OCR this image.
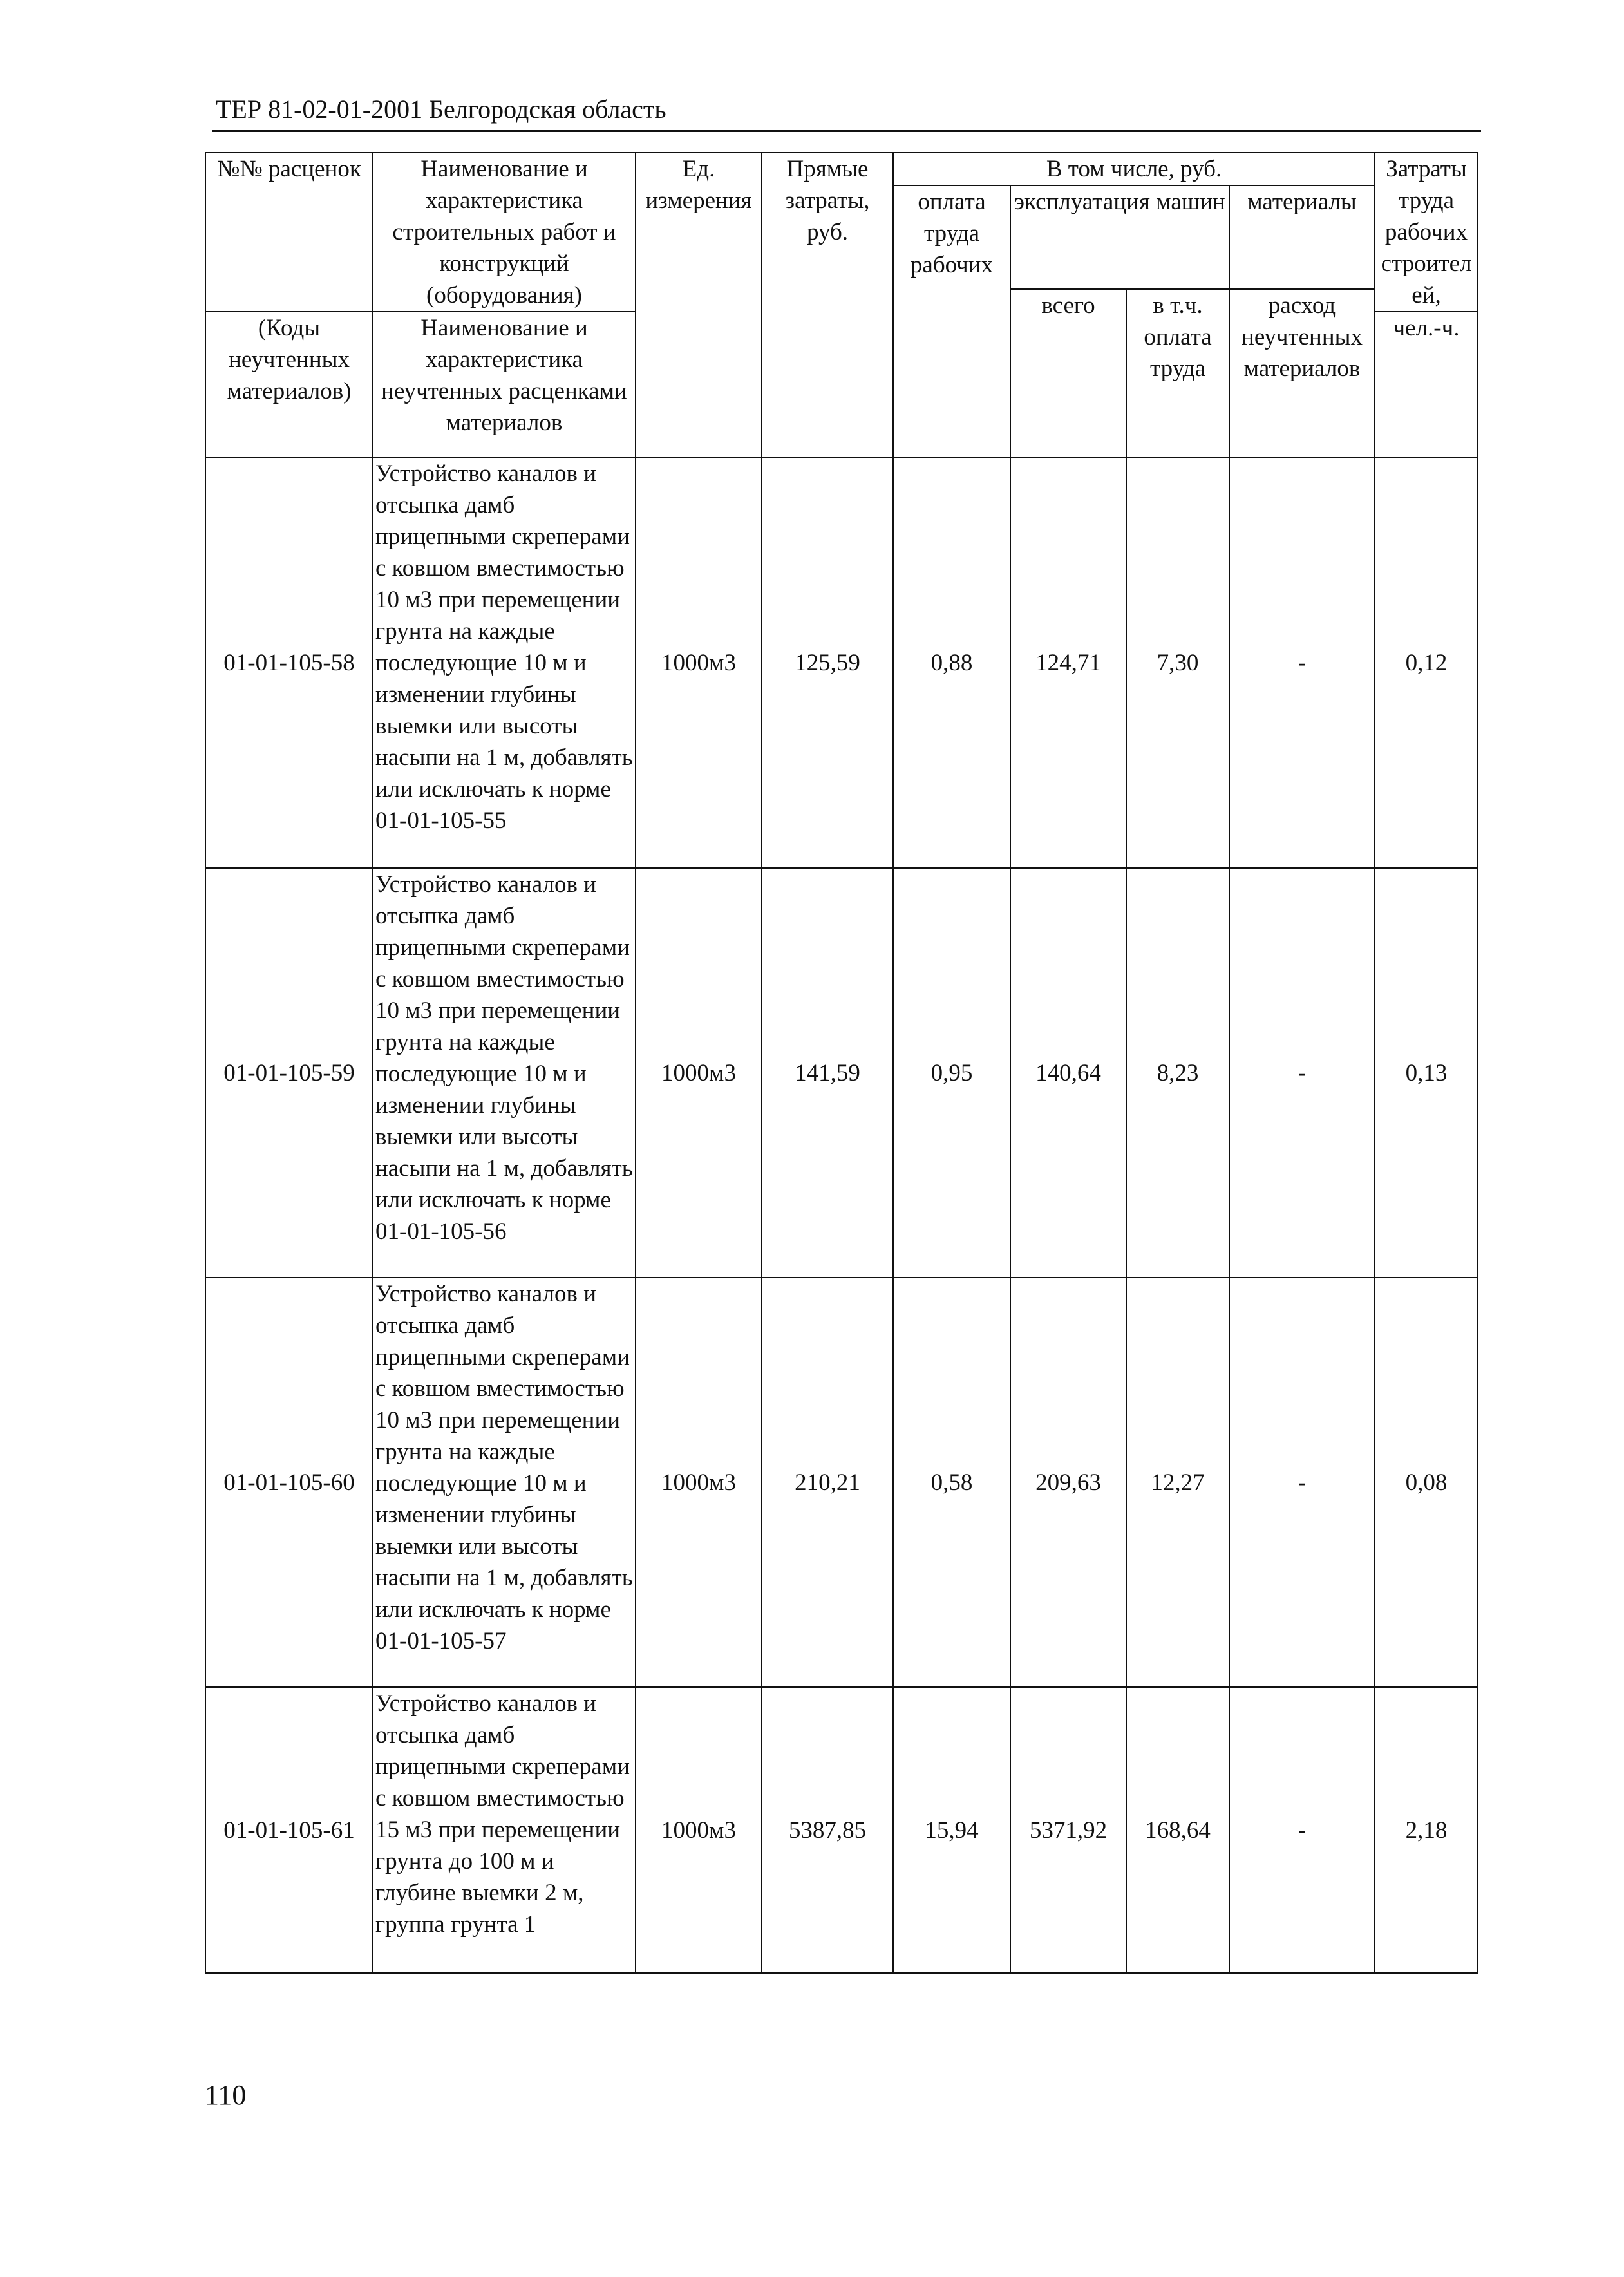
ТЕР 81-02-01-2001 Белгородская область
№№ расценок	Наименование и характеристика строительных работ и конструкций (оборудования)	Ед. измерения	Прямые затраты, руб.	В том числе, руб.				Затраты труда рабочих строителей,
				оплата труда рабочих	эксплуатация машин		материалы	
					всего	в т.ч. оплата труда	расход неучтенных материалов	
(Коды неучтенных материалов)	Наименование и характеристика неучтенных расценками материалов							чел.-ч.
01-01-105-58	Устройство каналов и отсыпка дамб прицепными скреперами с ковшом вместимостью 10 м3 при перемещении грунта на каждые последующие 10 м и изменении глубины выемки или высоты насыпи на 1 м, добавлять или исключать к норме 01-01-105-55	1000м3	125,59	0,88	124,71	7,30	-	0,12
01-01-105-59	Устройство каналов и отсыпка дамб прицепными скреперами с ковшом вместимостью 10 м3 при перемещении грунта на каждые последующие 10 м и изменении глубины выемки или высоты насыпи на 1 м, добавлять или исключать к норме 01-01-105-56	1000м3	141,59	0,95	140,64	8,23	-	0,13
01-01-105-60	Устройство каналов и отсыпка дамб прицепными скреперами с ковшом вместимостью 10 м3 при перемещении грунта на каждые последующие 10 м и изменении глубины выемки или высоты насыпи на 1 м, добавлять или исключать к норме 01-01-105-57	1000м3	210,21	0,58	209,63	12,27	-	0,08
01-01-105-61	Устройство каналов и отсыпка дамб прицепными скреперами с ковшом вместимостью 15 м3 при перемещении грунта до 100 м и глубине выемки 2 м, группа грунта 1	1000м3	5387,85	15,94	5371,92	168,64	-	2,18
110
